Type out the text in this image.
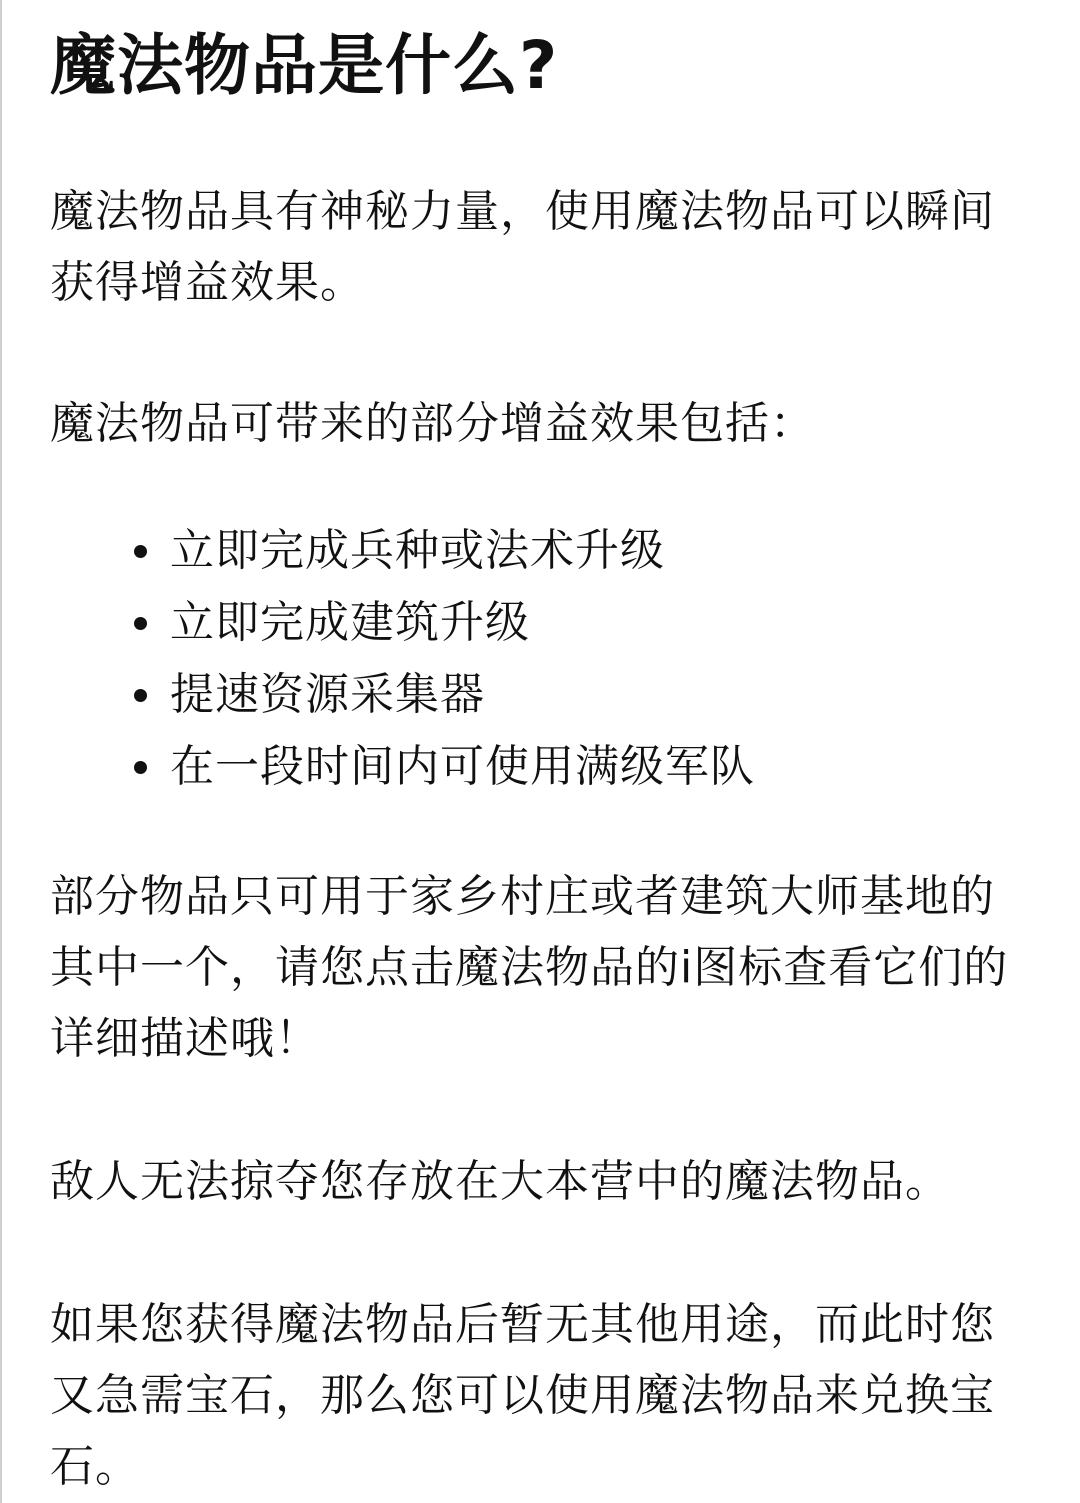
魔法物品是什么?

魔法物品具有神秘力量，使用魔法物品可以瞬间获得增益效果。

魔法物品可带来的部分增益效果包括：

立即完成兵种或法术升级
立即完成建筑升级
提速资源采集器
在一段时间内可使用满级军队

部分物品只可用于家乡村庄或者建筑大师基地的其中一个，请您点击魔法物品的i图标查看它们的详细描述哦！

敌人无法掠夺您存放在大本营中的魔法物品。

如果您获得魔法物品后暂无其他用途，而此时您又急需宝石，那么您可以使用魔法物品来兑换宝石。
